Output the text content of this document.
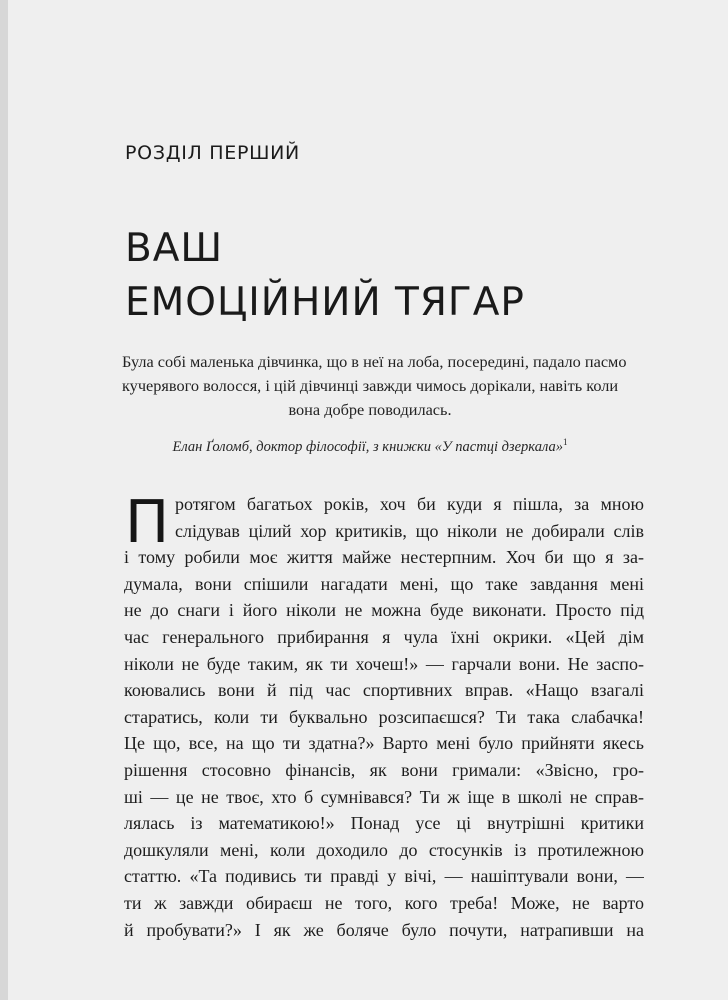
РОЗДІЛ ПЕРШИЙ
ВАШ
ЕМОЦІЙНИЙ ТЯГАР

Була собі маленька дівчинка, що в неї на лоба, посередині, падало пасмо
кучерявого волосся, і цій дівчинці завжди чимось дорікали, навіть коли
вона добре поводилась.

Елан Ґоломб, доктор філософії, з книжки «У пастці дзеркала»$^1$

П ротягом багатьох років, хоч би куди я пішла, за мною
слідував цілий хор критиків, що ніколи не добирали слів
і тому робили моє життя майже нестерпним. Хоч би що я за-
думала, вони спішили нагадати мені, що таке завдання мені
не до снаги і його ніколи не можна буде виконати. Просто під
час генерального прибирання я чула їхні окрики. «Цей дім
ніколи не буде таким, як ти хочеш!» — гарчали вони. Не заспо-
коювались вони й під час спортивних вправ. «Нащо взагалі
старатись, коли ти буквально розсипаєшся? Ти така слабачка!
Це що, все, на що ти здатна?» Варто мені було прийняти якесь
рішення стосовно фінансів, як вони гримали: «Звісно, гро-
ші — це не твоє, хто б сумнівався? Ти ж іще в школі не справ-
лялась із математикою!» Понад усе ці внутрішні критики
дошкуляли мені, коли доходило до стосунків із протилежною
статтю. «Та подивись ти правді у вічі, — нашіптували вони, —
ти ж завжди обираєш не того, кого треба! Може, не варто
й пробувати?» І як же боляче було почути, натрапивши на
